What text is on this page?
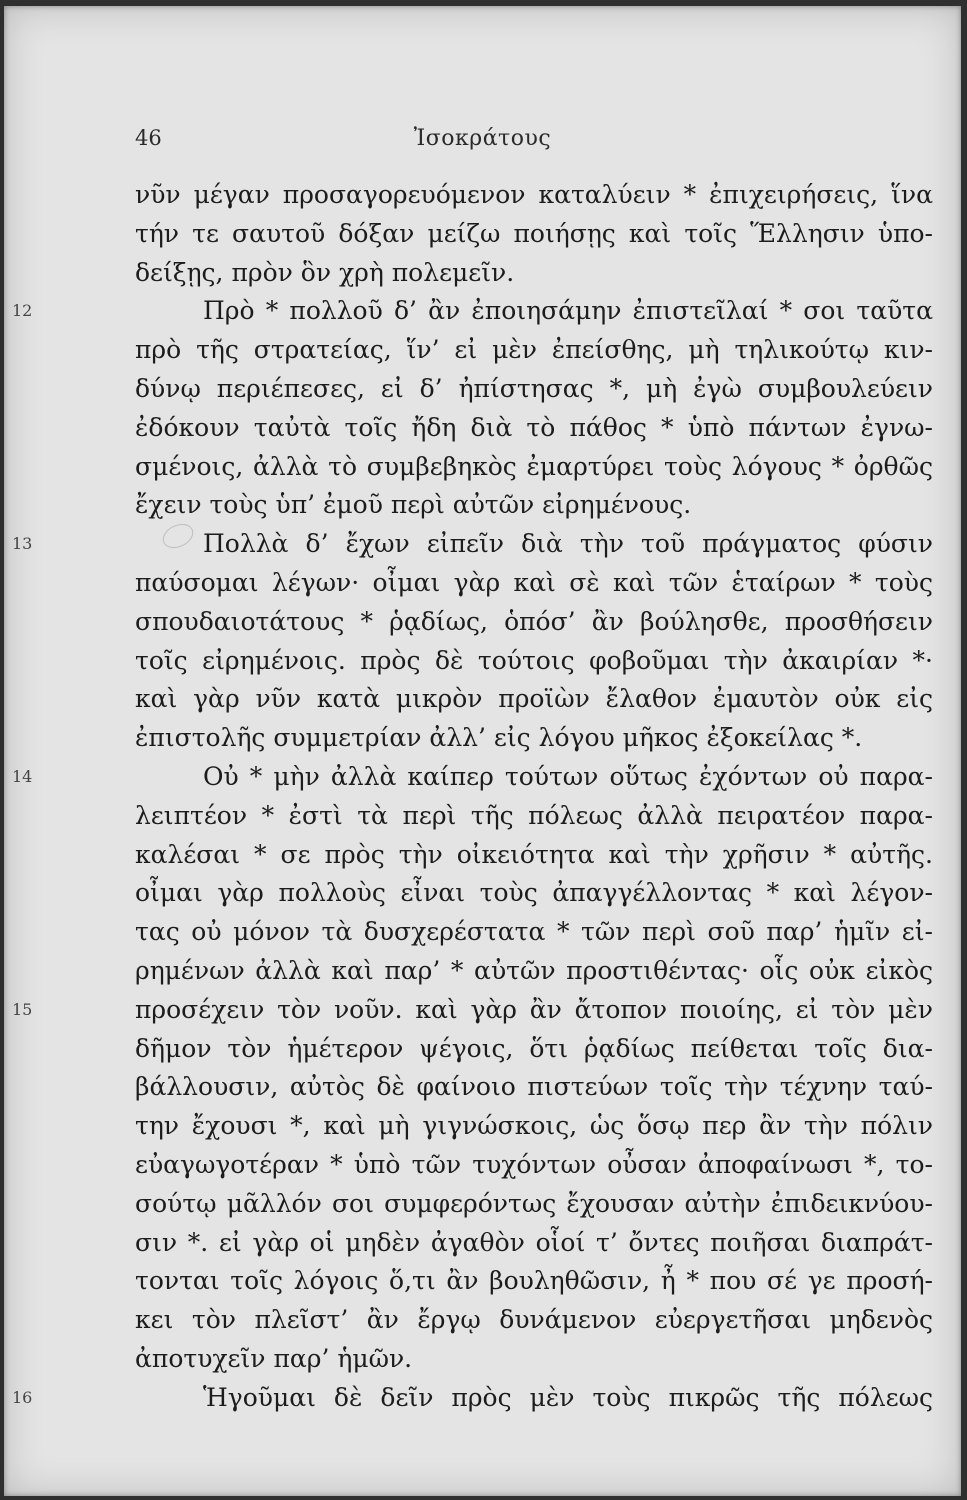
46	Ἰσοκράτους
νῦν μέγαν προσαγορευόμενον καταλύειν * ἐπιχειρήσεις, ἵνα
τήν τε σαυτοῦ δόξαν μείζω ποιήσῃς καὶ τοῖς Ἕλλησιν ὑπο-
δείξῃς, πρὸν ὃν χρὴ πολεμεῖν.
12	Πρὸ * πολλοῦ δ’ ἂν ἐποιησάμην ἐπιστεῖλαί * σοι ταῦτα
πρὸ τῆς στρατείας, ἵν’ εἰ μὲν ἐπείσθης, μὴ τηλικούτῳ κιν-
δύνῳ περιέπεσες, εἰ δ’ ἠπίστησας *, μὴ ἐγὼ συμβουλεύειν
ἐδόκουν ταὐτὰ τοῖς ἤδη διὰ τὸ πάθος * ὑπὸ πάντων ἐγνω-
σμένοις, ἀλλὰ τὸ συμβεβηκὸς ἐμαρτύρει τοὺς λόγους * ὀρθῶς
ἔχειν τοὺς ὑπ’ ἐμοῦ περὶ αὐτῶν εἰρημένους.
13	Πολλὰ δ’ ἔχων εἰπεῖν διὰ τὴν τοῦ πράγματος φύσιν
παύσομαι λέγων· οἶμαι γὰρ καὶ σὲ καὶ τῶν ἑταίρων * τοὺς
σπουδαιοτάτους * ῥᾳδίως, ὁπόσ’ ἂν βούλησθε, προσθήσειν
τοῖς εἰρημένοις. πρὸς δὲ τούτοις φοβοῦμαι τὴν ἀκαιρίαν *·
καὶ γὰρ νῦν κατὰ μικρὸν προϊὼν ἔλαθον ἐμαυτὸν οὐκ εἰς
ἐπιστολῆς συμμετρίαν ἀλλ’ εἰς λόγου μῆκος ἐξοκείλας *.
14	Οὐ * μὴν ἀλλὰ καίπερ τούτων οὕτως ἐχόντων οὐ παρα-
λειπτέον * ἐστὶ τὰ περὶ τῆς πόλεως ἀλλὰ πειρατέον παρα-
καλέσαι * σε πρὸς τὴν οἰκειότητα καὶ τὴν χρῆσιν * αὐτῆς.
οἶμαι γὰρ πολλοὺς εἶναι τοὺς ἀπαγγέλλοντας * καὶ λέγον-
τας οὐ μόνον τὰ δυσχερέστατα * τῶν περὶ σοῦ παρ’ ἡμῖν εἰ-
ρημένων ἀλλὰ καὶ παρ’ * αὐτῶν προστιθέντας· οἷς οὐκ εἰκὸς
15	προσέχειν τὸν νοῦν. καὶ γὰρ ἂν ἄτοπον ποιοίης, εἰ τὸν μὲν
δῆμον τὸν ἡμέτερον ψέγοις, ὅτι ῥᾳδίως πείθεται τοῖς δια-
βάλλουσιν, αὐτὸς δὲ φαίνοιο πιστεύων τοῖς τὴν τέχνην ταύ-
την ἔχουσι *, καὶ μὴ γιγνώσκοις, ὡς ὅσῳ περ ἂν τὴν πόλιν
εὐαγωγοτέραν * ὑπὸ τῶν τυχόντων οὖσαν ἀποφαίνωσι *, το-
σούτῳ μᾶλλόν σοι συμφερόντως ἔχουσαν αὐτὴν ἐπιδεικνύου-
σιν *. εἰ γὰρ οἱ μηδὲν ἀγαθὸν οἷοί τ’ ὄντες ποιῆσαι διαπράτ-
τονται τοῖς λόγοις ὅ,τι ἂν βουληθῶσιν, ἦ * που σέ γε προσή-
κει τὸν πλεῖστ’ ἂν ἔργῳ δυνάμενον εὐεργετῆσαι μηδενὸς
ἀποτυχεῖν παρ’ ἡμῶν.
16	Ἡγοῦμαι δὲ δεῖν πρὸς μὲν τοὺς πικρῶς τῆς πόλεως
